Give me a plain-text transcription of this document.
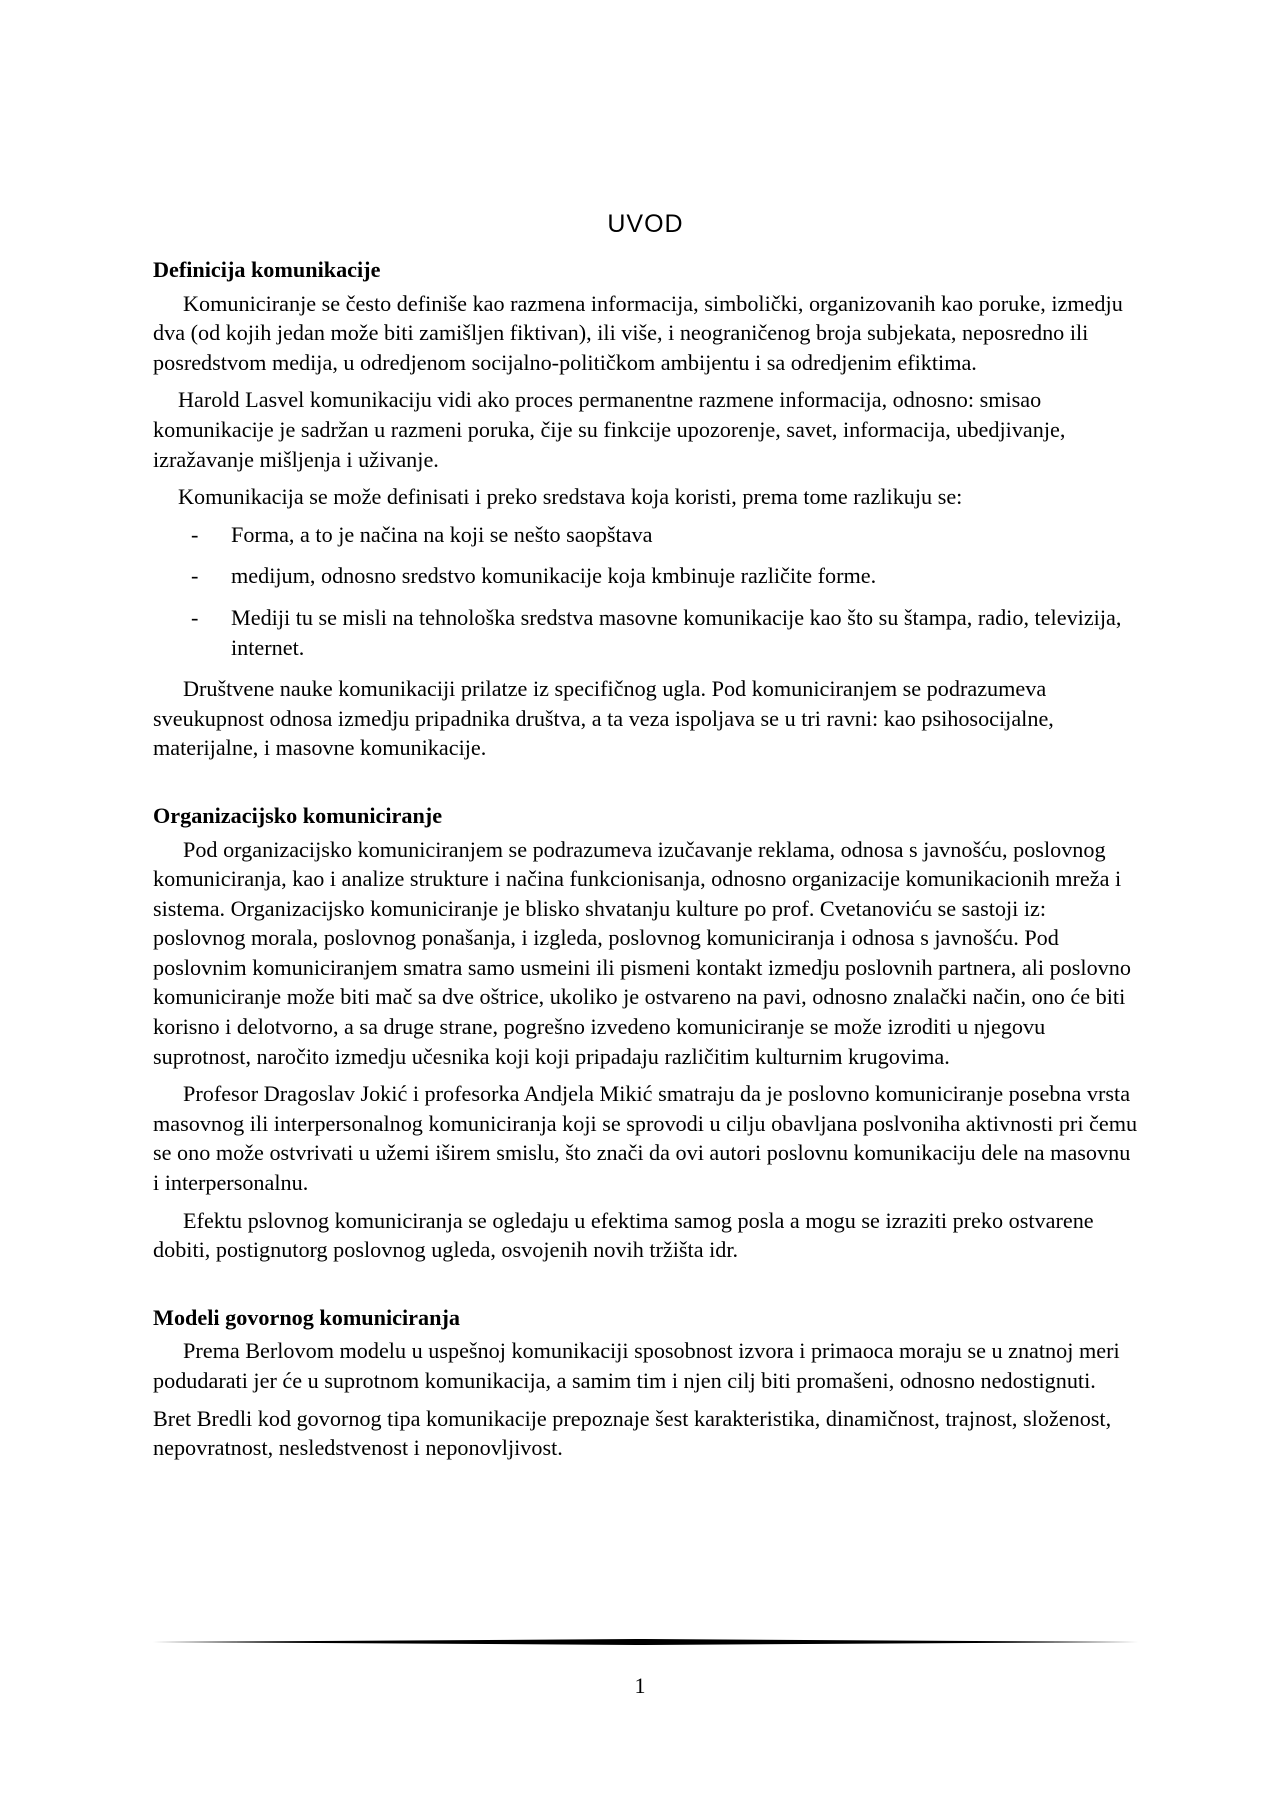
UVOD
Definicija komunikacije

Komuniciranje se često definiše kao razmena informacija, simbolički, organizovanih kao poruke, izmedju dva (od kojih jedan može biti zamišljen fiktivan), ili više, i neograničenog broja subjekata, neposredno ili posredstvom medija, u odredjenom socijalno-političkom ambijentu i sa odredjenim efiktima.

Harold Lasvel komunikaciju vidi ako proces permanentne razmene informacija, odnosno: smisao komunikacije je sadržan u razmeni poruka, čije su finkcije upozorenje, savet, informacija, ubedjivanje, izražavanje mišljenja i uživanje.

Komunikacija se može definisati i preko sredstava koja koristi, prema tome razlikuju se:

- Forma, a to je načina na koji se nešto saopštava
- medijum, odnosno sredstvo komunikacije koja kmbinuje različite forme.
- Mediji tu se misli na tehnološka sredstva masovne komunikacije kao što su štampa, radio, televizija, internet.

Društvene nauke komunikaciji prilatze iz specifičnog ugla. Pod komuniciranjem se podrazumeva sveukupnost odnosa izmedju pripadnika društva, a ta veza ispoljava se u tri ravni: kao psihosocijalne, materijalne, i masovne komunikacije.

Organizacijsko komuniciranje

Pod organizacijsko komuniciranjem se podrazumeva izučavanje reklama, odnosa s javnošću, poslovnog komuniciranja, kao i analize strukture i načina funkcionisanja, odnosno organizacije komunikacionih mreža i sistema. Organizacijsko komuniciranje je blisko shvatanju kulture po prof. Cvetanoviću se sastoji iz: poslovnog morala, poslovnog ponašanja, i izgleda, poslovnog komuniciranja i odnosa s javnošću. Pod poslovnim komuniciranjem smatra samo usmeini ili pismeni kontakt izmedju poslovnih partnera, ali poslovno komuniciranje može biti mač sa dve oštrice, ukoliko je ostvareno na pavi, odnosno znalački način, ono će biti korisno i delotvorno, a sa druge strane, pogrešno izvedeno komuniciranje se može izroditi u njegovu suprotnost, naročito izmedju učesnika koji koji pripadaju različitim kulturnim krugovima.

Profesor Dragoslav Jokić i profesorka Andjela Mikić smatraju da je poslovno komuniciranje posebna vrsta masovnog ili interpersonalnog komuniciranja koji se sprovodi u cilju obavljana poslvoniha aktivnosti pri čemu se ono može ostvrivati u užemi iširem smislu, što znači da ovi autori poslovnu komunikaciju dele na masovnu i interpersonalnu.

Efektu pslovnog komuniciranja se ogledaju u efektima samog posla a mogu se izraziti preko ostvarene dobiti, postignutorg poslovnog ugleda, osvojenih novih tržišta idr.

Modeli govornog komuniciranja

Prema Berlovom modelu u uspešnoj komunikaciji sposobnost izvora i primaoca moraju se u znatnoj meri podudarati jer će u suprotnom komunikacija, a samim tim i njen cilj biti promašeni, odnosno nedostignuti.

Bret Bredli kod govornog tipa komunikacije prepoznaje šest karakteristika, dinamičnost, trajnost, složenost, nepovratnost, nesledstvenost i neponovljivost.

1
